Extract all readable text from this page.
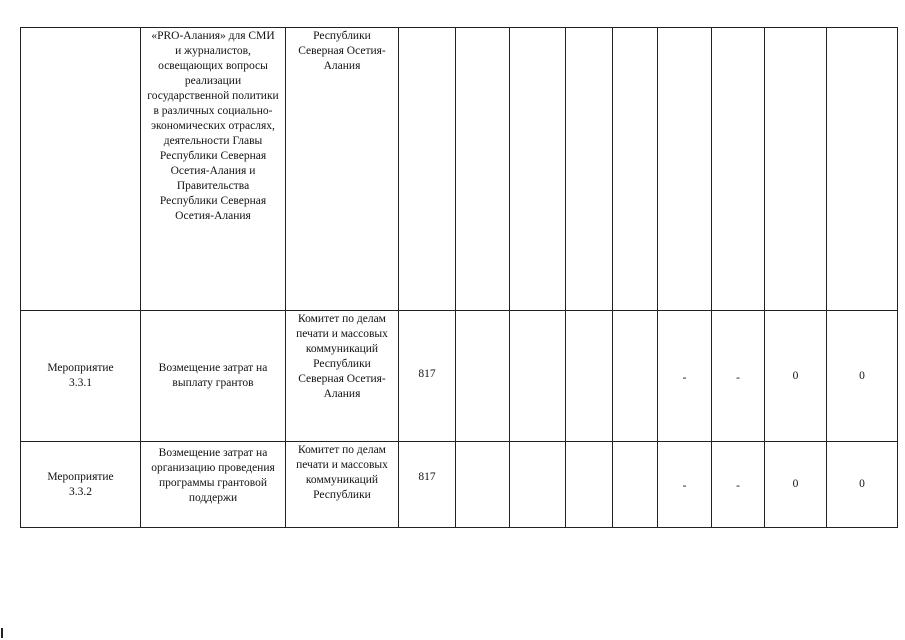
	«PRO-Алания» для СМИ и журналистов, освещающих вопросы реализации государственной политики в различных социально-экономических отраслях, деятельности Главы Республики Северная Осетия-Алания и Правительства Республики Северная Осетия-Алания	Республики Северная Осетия-Алания									

Мероприятие 3.3.1	Возмещение затрат на выплату грантов	Комитет по делам печати и массовых коммуникаций Республики Северная Осетия-Алания	817					-	-	0	0

Мероприятие 3.3.2	Возмещение затрат на организацию проведения программы грантовой поддержи	Комитет по делам печати и массовых коммуникаций Республики	817					-	-	0	0
